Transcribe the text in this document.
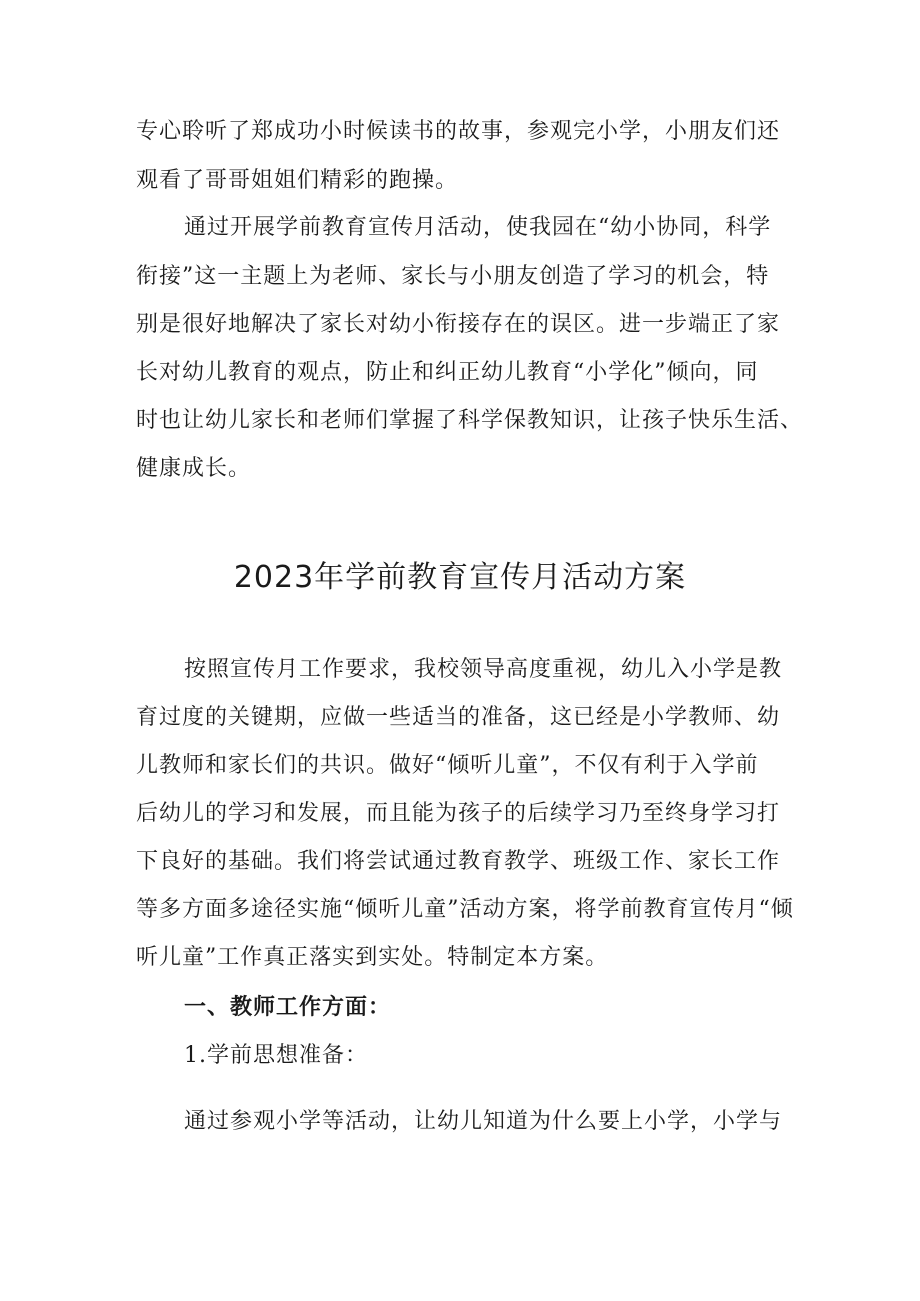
专心聆听了郑成功小时候读书的故事，参观完小学，小朋友们还
观看了哥哥姐姐们精彩的跑操。
通过开展学前教育宣传月活动，使我园在“幼小协同，科学
衔接”这一主题上为老师、家长与小朋友创造了学习的机会，特
别是很好地解决了家长对幼小衔接存在的误区。进一步端正了家
长对幼儿教育的观点，防止和纠正幼儿教育“小学化”倾向，同
时也让幼儿家长和老师们掌握了科学保教知识，让孩子快乐生活、
健康成长。
2023年学前教育宣传月活动方案
按照宣传月工作要求，我校领导高度重视，幼儿入小学是教
育过度的关键期，应做一些适当的准备，这已经是小学教师、幼
儿教师和家长们的共识。做好“倾听儿童”，不仅有利于入学前
后幼儿的学习和发展，而且能为孩子的后续学习乃至终身学习打
下良好的基础。我们将尝试通过教育教学、班级工作、家长工作
等多方面多途径实施“倾听儿童”活动方案，将学前教育宣传月“倾
听儿童”工作真正落实到实处。特制定本方案。
一、教师工作方面：
1.学前思想准备：
通过参观小学等活动，让幼儿知道为什么要上小学，小学与
